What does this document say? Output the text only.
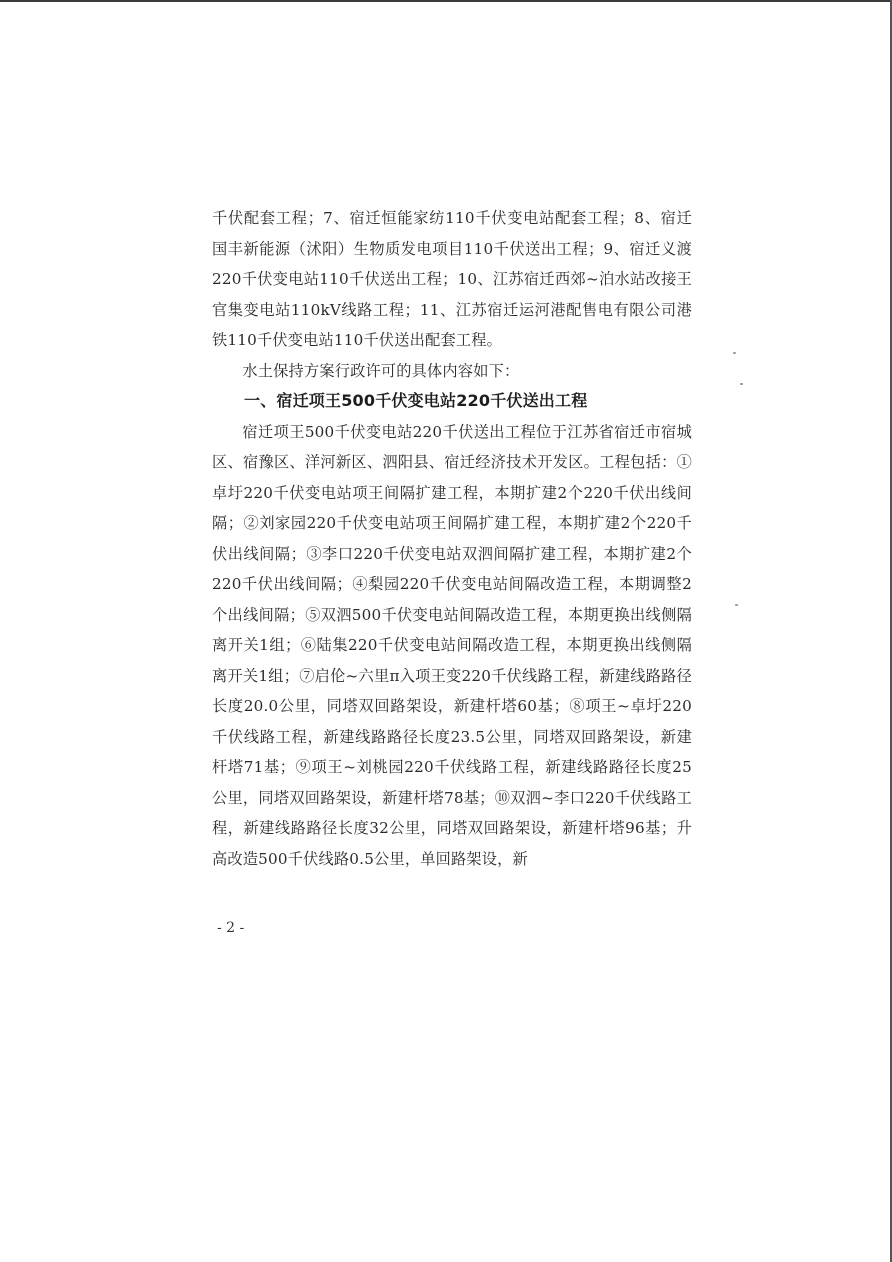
千伏配套工程；7、宿迁恒能家纺110千伏变电站配套工程；8、宿迁国丰新能源（沭阳）生物质发电项目110千伏送出工程；9、宿迁义渡220千伏变电站110千伏送出工程；10、江苏宿迁西郊~泊水站改接王官集变电站110kV线路工程；11、江苏宿迁运河港配售电有限公司港铁110千伏变电站110千伏送出配套工程。

水土保持方案行政许可的具体内容如下：

一、宿迁项王500千伏变电站220千伏送出工程

宿迁项王500千伏变电站220千伏送出工程位于江苏省宿迁市宿城区、宿豫区、洋河新区、泗阳县、宿迁经济技术开发区。工程包括：①卓圩220千伏变电站项王间隔扩建工程，本期扩建2个220千伏出线间隔；②刘家园220千伏变电站项王间隔扩建工程，本期扩建2个220千伏出线间隔；③李口220千伏变电站双泗间隔扩建工程，本期扩建2个220千伏出线间隔；④梨园220千伏变电站间隔改造工程，本期调整2个出线间隔；⑤双泗500千伏变电站间隔改造工程，本期更换出线侧隔离开关1组；⑥陆集220千伏变电站间隔改造工程，本期更换出线侧隔离开关1组；⑦启伦~六里π入项王变220千伏线路工程，新建线路路径长度20.0公里，同塔双回路架设，新建杆塔60基；⑧项王~卓圩220千伏线路工程，新建线路路径长度23.5公里，同塔双回路架设，新建杆塔71基；⑨项王~刘桃园220千伏线路工程，新建线路路径长度25公里，同塔双回路架设，新建杆塔78基；⑩双泗~李口220千伏线路工程，新建线路路径长度32公里，同塔双回路架设，新建杆塔96基；升高改造500千伏线路0.5公里，单回路架设，新

- 2 -
